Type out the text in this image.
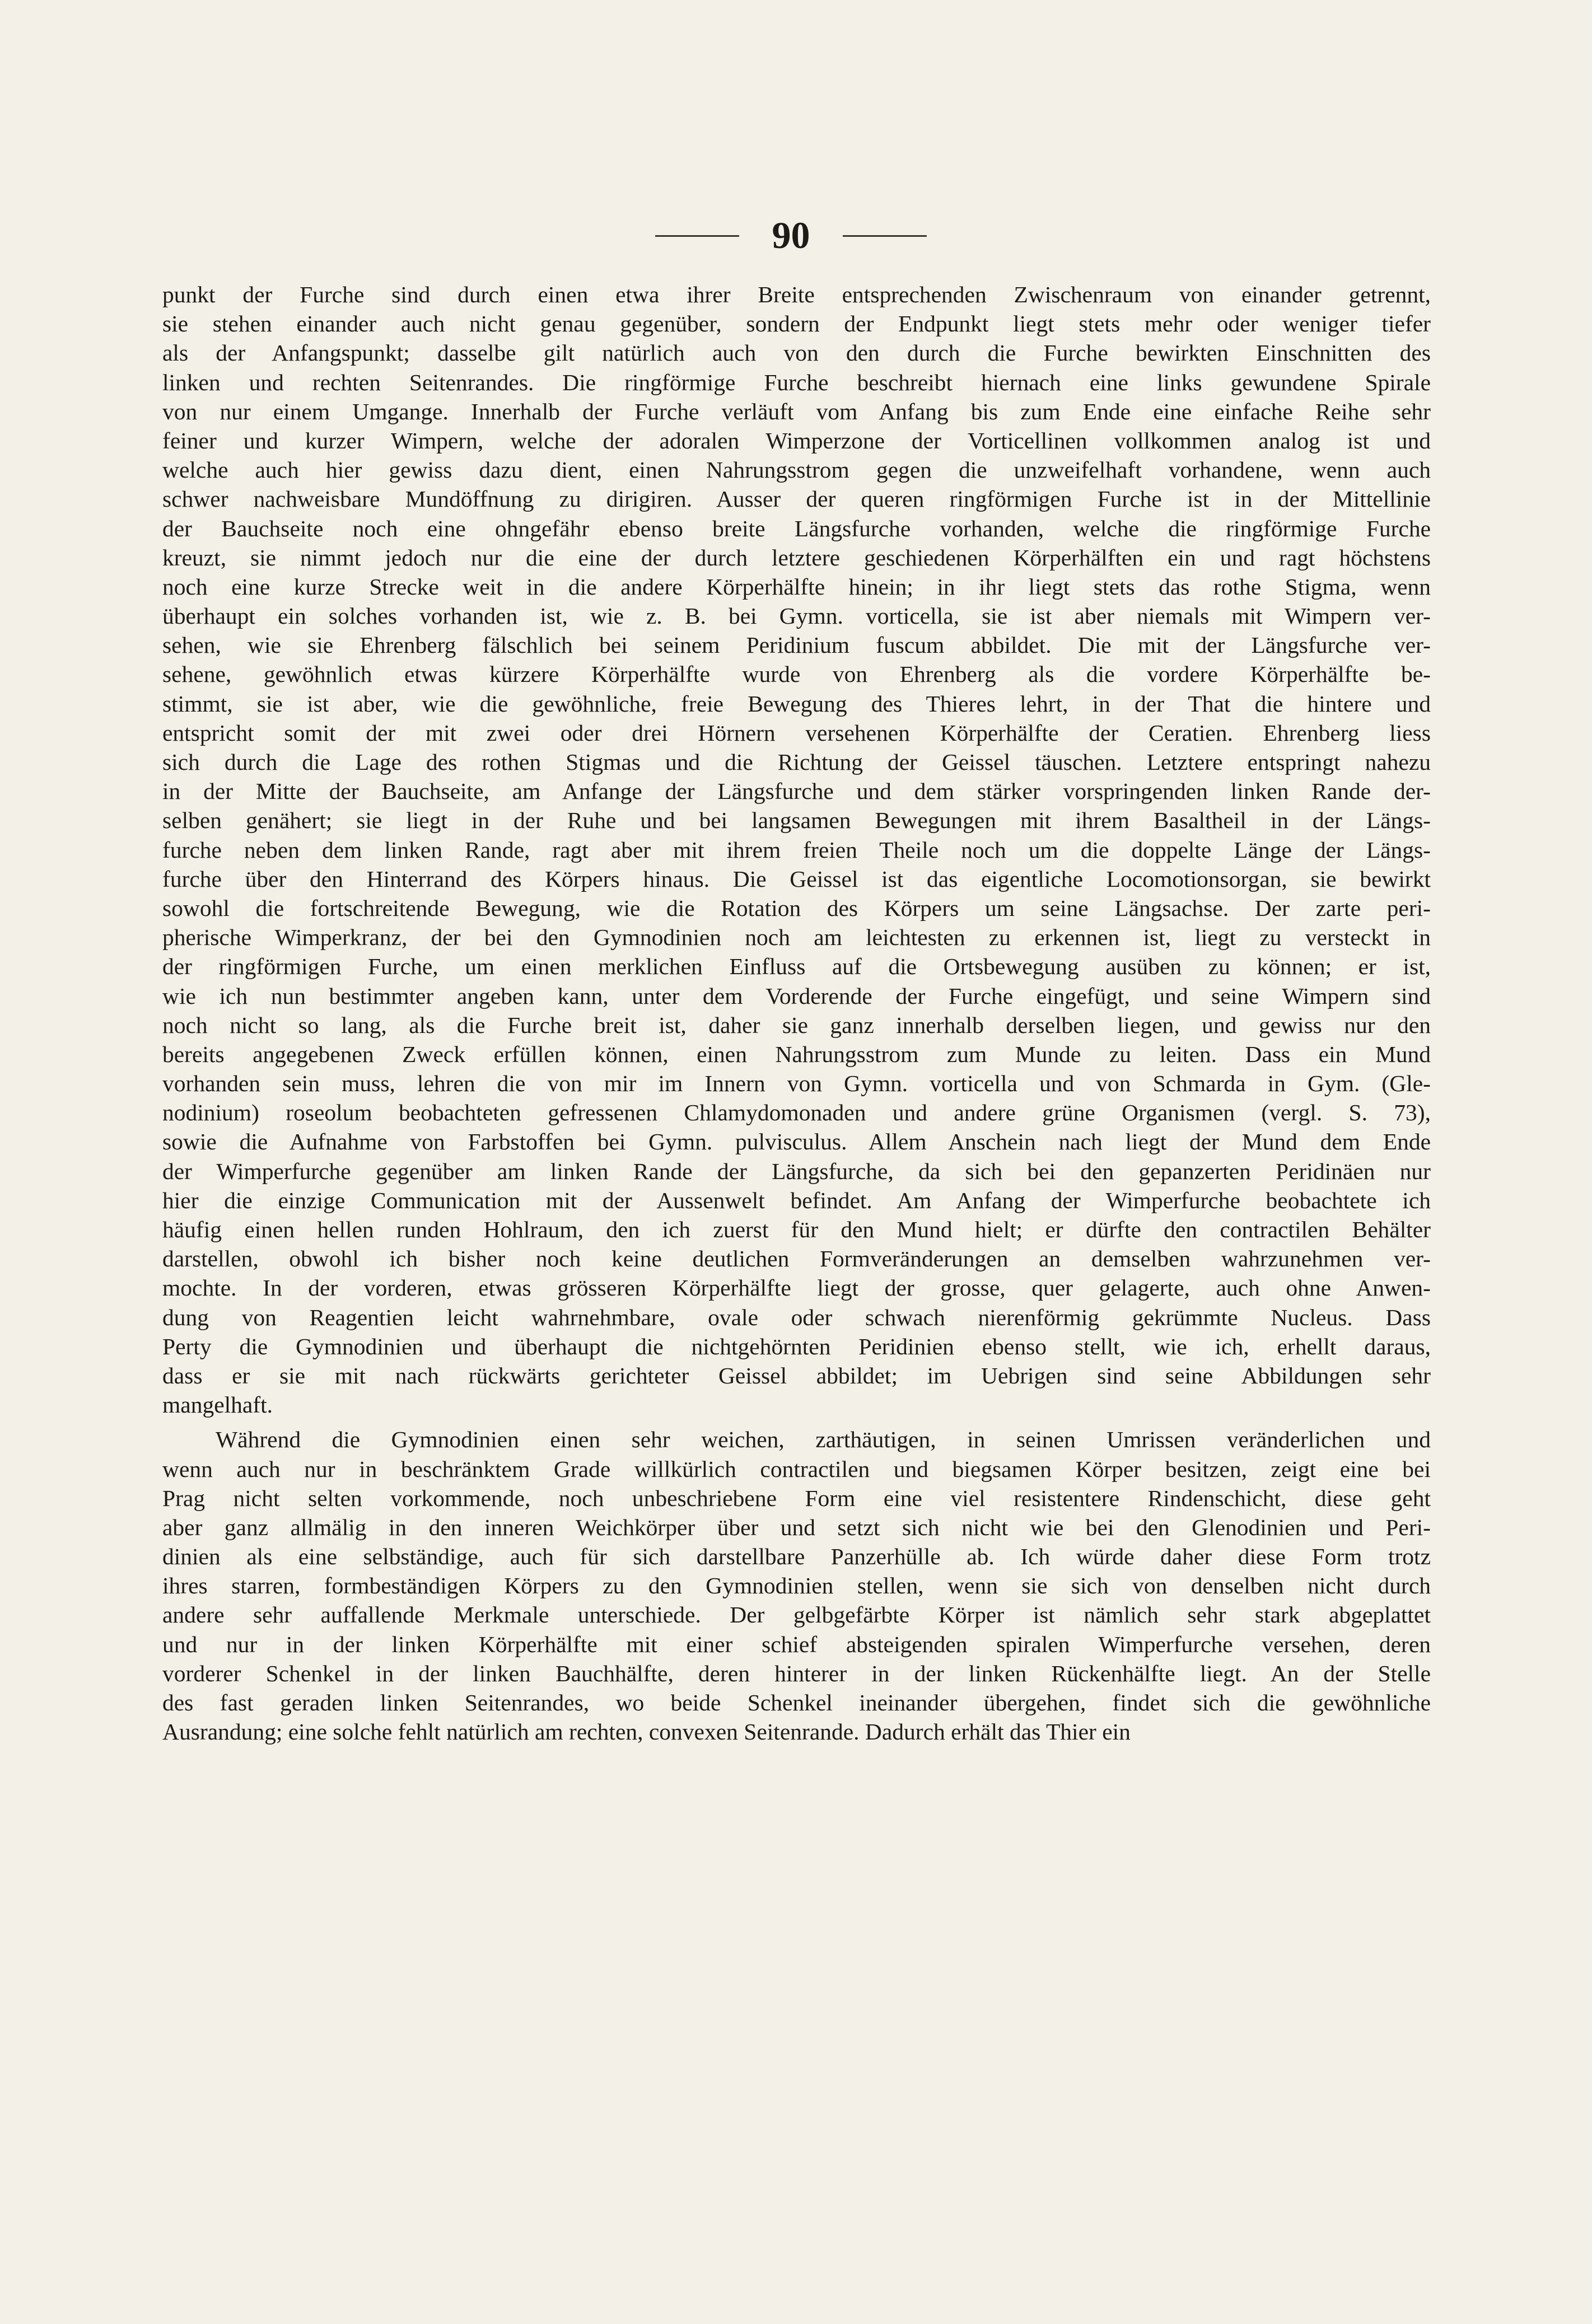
90
punkt der Furche sind durch einen etwa ihrer Breite entsprechenden Zwischenraum von einander getrennt,
sie stehen einander auch nicht genau gegenüber, sondern der Endpunkt liegt stets mehr oder weniger tiefer
als der Anfangspunkt; dasselbe gilt natürlich auch von den durch die Furche bewirkten Einschnitten des
linken und rechten Seitenrandes. Die ringförmige Furche beschreibt hiernach eine links gewundene Spirale
von nur einem Umgange. Innerhalb der Furche verläuft vom Anfang bis zum Ende eine einfache Reihe sehr
feiner und kurzer Wimpern, welche der adoralen Wimperzone der Vorticellinen vollkommen analog ist und
welche auch hier gewiss dazu dient, einen Nahrungsstrom gegen die unzweifelhaft vorhandene, wenn auch
schwer nachweisbare Mundöffnung zu dirigiren. Ausser der queren ringförmigen Furche ist in der Mittellinie
der Bauchseite noch eine ohngefähr ebenso breite Längsfurche vorhanden, welche die ringförmige Furche
kreuzt, sie nimmt jedoch nur die eine der durch letztere geschiedenen Körperhälften ein und ragt höchstens
noch eine kurze Strecke weit in die andere Körperhälfte hinein; in ihr liegt stets das rothe Stigma, wenn
überhaupt ein solches vorhanden ist, wie z. B. bei Gymn. vorticella, sie ist aber niemals mit Wimpern ver-
sehen, wie sie Ehrenberg fälschlich bei seinem Peridinium fuscum abbildet. Die mit der Längsfurche ver-
sehene, gewöhnlich etwas kürzere Körperhälfte wurde von Ehrenberg als die vordere Körperhälfte be-
stimmt, sie ist aber, wie die gewöhnliche, freie Bewegung des Thieres lehrt, in der That die hintere und
entspricht somit der mit zwei oder drei Hörnern versehenen Körperhälfte der Ceratien. Ehrenberg liess
sich durch die Lage des rothen Stigmas und die Richtung der Geissel täuschen. Letztere entspringt nahezu
in der Mitte der Bauchseite, am Anfange der Längsfurche und dem stärker vorspringenden linken Rande der-
selben genähert; sie liegt in der Ruhe und bei langsamen Bewegungen mit ihrem Basaltheil in der Längs-
furche neben dem linken Rande, ragt aber mit ihrem freien Theile noch um die doppelte Länge der Längs-
furche über den Hinterrand des Körpers hinaus. Die Geissel ist das eigentliche Locomotionsorgan, sie bewirkt
sowohl die fortschreitende Bewegung, wie die Rotation des Körpers um seine Längsachse. Der zarte peri-
pherische Wimperkranz, der bei den Gymnodinien noch am leichtesten zu erkennen ist, liegt zu versteckt in
der ringförmigen Furche, um einen merklichen Einfluss auf die Ortsbewegung ausüben zu können; er ist,
wie ich nun bestimmter angeben kann, unter dem Vorderende der Furche eingefügt, und seine Wimpern sind
noch nicht so lang, als die Furche breit ist, daher sie ganz innerhalb derselben liegen, und gewiss nur den
bereits angegebenen Zweck erfüllen können, einen Nahrungsstrom zum Munde zu leiten. Dass ein Mund
vorhanden sein muss, lehren die von mir im Innern von Gymn. vorticella und von Schmarda in Gym. (Gle-
nodinium) roseolum beobachteten gefressenen Chlamydomonaden und andere grüne Organismen (vergl. S. 73),
sowie die Aufnahme von Farbstoffen bei Gymn. pulvisculus. Allem Anschein nach liegt der Mund dem Ende
der Wimperfurche gegenüber am linken Rande der Längsfurche, da sich bei den gepanzerten Peridinäen nur
hier die einzige Communication mit der Aussenwelt befindet. Am Anfang der Wimperfurche beobachtete ich
häufig einen hellen runden Hohlraum, den ich zuerst für den Mund hielt; er dürfte den contractilen Behälter
darstellen, obwohl ich bisher noch keine deutlichen Formveränderungen an demselben wahrzunehmen ver-
mochte. In der vorderen, etwas grösseren Körperhälfte liegt der grosse, quer gelagerte, auch ohne Anwen-
dung von Reagentien leicht wahrnehmbare, ovale oder schwach nierenförmig gekrümmte Nucleus. Dass
Perty die Gymnodinien und überhaupt die nichtgehörnten Peridinien ebenso stellt, wie ich, erhellt daraus,
dass er sie mit nach rückwärts gerichteter Geissel abbildet; im Uebrigen sind seine Abbildungen sehr
mangelhaft.
Während die Gymnodinien einen sehr weichen, zarthäutigen, in seinen Umrissen veränderlichen und
wenn auch nur in beschränktem Grade willkürlich contractilen und biegsamen Körper besitzen, zeigt eine bei
Prag nicht selten vorkommende, noch unbeschriebene Form eine viel resistentere Rindenschicht, diese geht
aber ganz allmälig in den inneren Weichkörper über und setzt sich nicht wie bei den Glenodinien und Peri-
dinien als eine selbständige, auch für sich darstellbare Panzerhülle ab. Ich würde daher diese Form trotz
ihres starren, formbeständigen Körpers zu den Gymnodinien stellen, wenn sie sich von denselben nicht durch
andere sehr auffallende Merkmale unterschiede. Der gelbgefärbte Körper ist nämlich sehr stark abgeplattet
und nur in der linken Körperhälfte mit einer schief absteigenden spiralen Wimperfurche versehen, deren
vorderer Schenkel in der linken Bauchhälfte, deren hinterer in der linken Rückenhälfte liegt. An der Stelle
des fast geraden linken Seitenrandes, wo beide Schenkel ineinander übergehen, findet sich die gewöhnliche
Ausrandung; eine solche fehlt natürlich am rechten, convexen Seitenrande. Dadurch erhält das Thier ein
